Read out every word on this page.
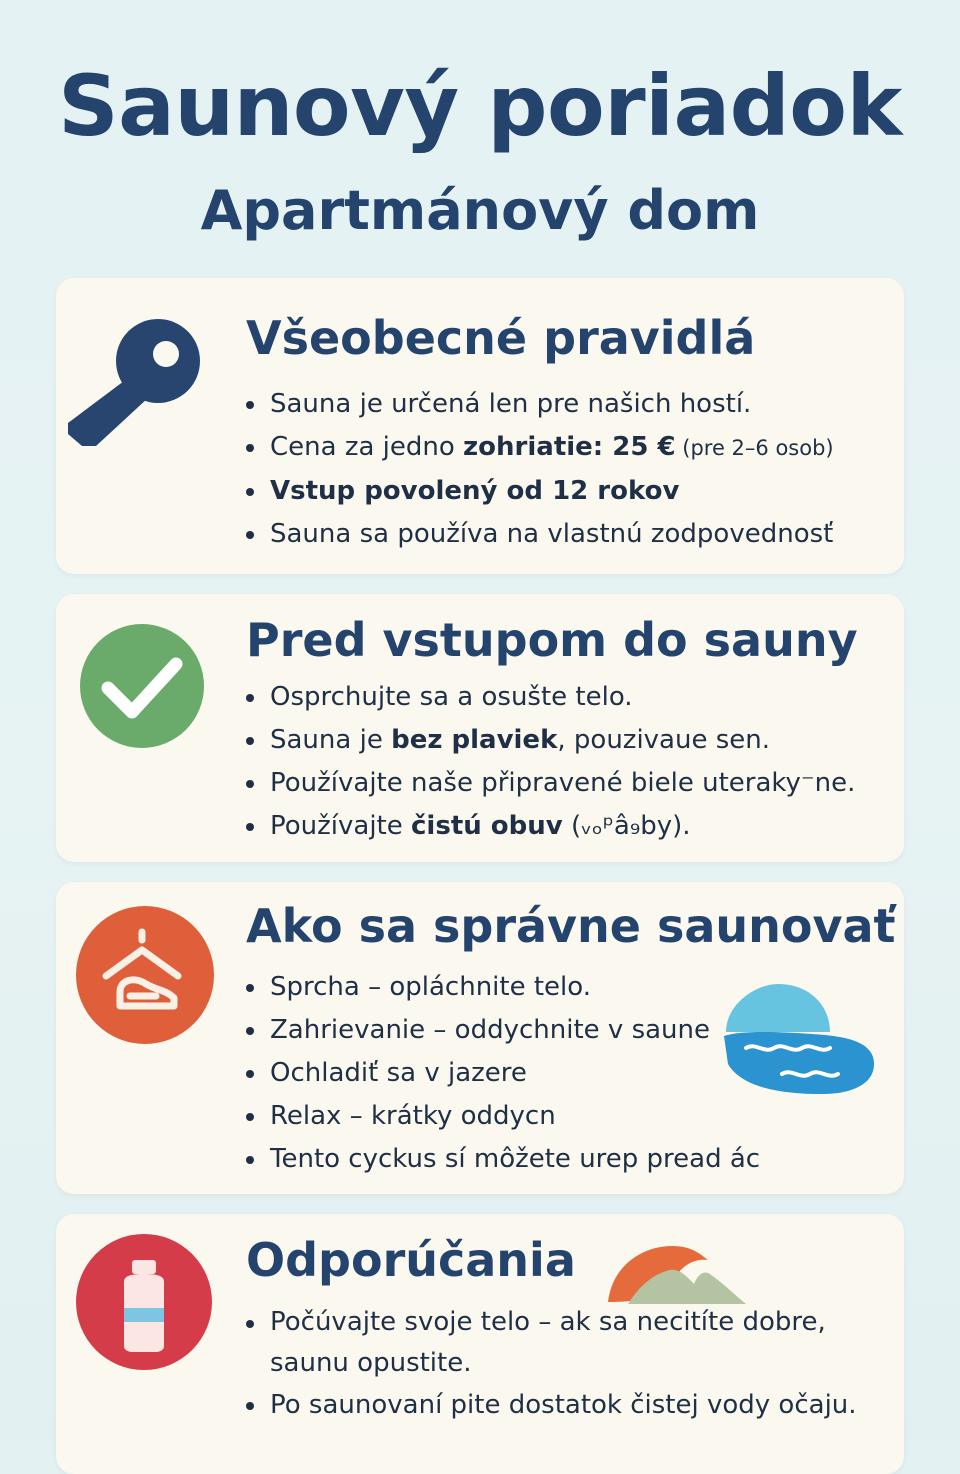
Saunový poriadok
Apartmánový dom
Všeobecné pravidlá
Sauna je určená len pre našich hostí.
Cena za jedno zohriatie: 25 € (pre 2–6 osob)
Vstup povolený od 12 rokov
Sauna sa používa na vlastnú zodpovednosť
Pred vstupom do sauny
Osprchujte sa a osušte telo.
Sauna je bez plaviek, pouzivaue sen.
Používajte naše připravené biele uteraky⁻ne.
Používajte čistú obuv (ᵥₒᵖâ₉by).
Ako sa správne saunovať
Sprcha – opláchnite telo.
Zahrievanie – oddychnite v saune
Ochladiť sa v jazere
Relax – krátky oddycn
Tento cyckus sí môžete urep pread ác
Odporúčania
Počúvajte svoje telo – ak sa necitíte dobre, saunu opustite.
Po saunovaní pite dostatok čistej vody očaju.
